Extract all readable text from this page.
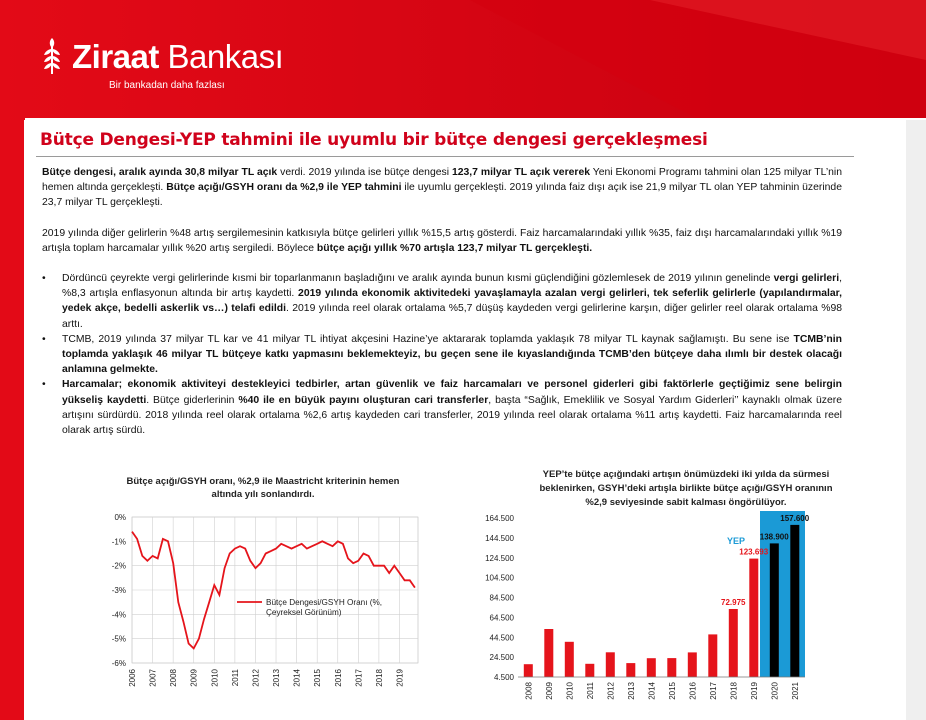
Ziraat Bankası
Bir bankadan daha fazlası
Bütçe Dengesi-YEP tahmini ile uyumlu bir bütçe dengesi gerçekleşmesi

Bütçe dengesi, aralık ayında 30,8 milyar TL açık verdi. 2019 yılında ise bütçe dengesi 123,7 milyar TL açık vererek Yeni Ekonomi Programı tahmini olan 125 milyar TL’nin hemen altında gerçekleşti. Bütçe açığı/GSYH oranı da %2,9 ile YEP tahmini ile uyumlu gerçekleşti. 2019 yılında faiz dışı açık ise 21,9 milyar TL olan YEP tahminin üzerinde 23,7 milyar TL gerçekleşti.

2019 yılında diğer gelirlerin %48 artış sergilemesinin katkısıyla bütçe gelirleri yıllık %15,5 artış gösterdi. Faiz harcamalarındaki yıllık %35, faiz dışı harcamalarındaki yıllık %19 artışla toplam harcamalar yıllık %20 artış sergiledi. Böylece bütçe açığı yıllık %70 artışla 123,7 milyar TL gerçekleşti.

• Dördüncü çeyrekte vergi gelirlerinde kısmi bir toparlanmanın başladığını ve aralık ayında bunun kısmi güçlendiğini gözlemlesek de 2019 yılının genelinde vergi gelirleri, %8,3 artışla enflasyonun altında bir artış kaydetti. 2019 yılında ekonomik aktivitedeki yavaşlamayla azalan vergi gelirleri, tek seferlik gelirlerle (yapılandırmalar, yedek akçe, bedelli askerlik vs…) telafi edildi. 2019 yılında reel olarak ortalama %5,7 düşüş kaydeden vergi gelirlerine karşın, diğer gelirler reel olarak ortalama %98 arttı.
• TCMB, 2019 yılında 37 milyar TL kar ve 41 milyar TL ihtiyat akçesini Hazine’ye aktararak toplamda yaklaşık 78 milyar TL kaynak sağlamıştı. Bu sene ise TCMB’nin toplamda yaklaşık 46 milyar TL bütçeye katkı yapmasını beklemekteyiz, bu geçen sene ile kıyaslandığında TCMB’den bütçeye daha ılımlı bir destek olacağı anlamına gelmekte.
• Harcamalar; ekonomik aktiviteyi destekleyici tedbirler, artan güvenlik ve faiz harcamaları ve personel giderleri gibi faktörlerle geçtiğimiz sene belirgin yükseliş kaydetti. Bütçe giderlerinin %40 ile en büyük payını oluşturan cari transferler, başta “Sağlık, Emeklilik ve Sosyal Yardım Giderleri’’ kaynaklı olmak üzere artışını sürdürdü. 2018 yılında reel olarak ortalama %2,6 artış kaydeden cari transferler, 2019 yılında reel olarak ortalama %11 artış kaydetti. Faiz harcamalarında reel olarak artış sürdü.
Bütçe açığı/GSYH oranı, %2,9 ile Maastricht kriterinin hemen
altında yılı sonlandırdı.
0%
-1%
-2%
-3%
-4%
-5%
-6%
2006 2007 2008 2009 2010 2011 2012 2013 2014 2015 2016 2017 2018 2019
Bütçe Dengesi/GSYH Oranı (%,
Çeyreksel Görünüm)
YEP’te bütçe açığındaki artışın önümüzdeki iki yılda da sürmesi
beklenirken, GSYH’deki artışla birlikte bütçe açığı/GSYH oranının
%2,9 seviyesinde sabit kalması öngörülüyor.
YEP
4.500
24.500
44.500
64.500
84.500
104.500
124.500
144.500
164.500
72.975
123.693
138.900
157.600
2008 2009 2010 2011 2012 2013 2014 2015 2016 2017 2018 2019 2020 2021
